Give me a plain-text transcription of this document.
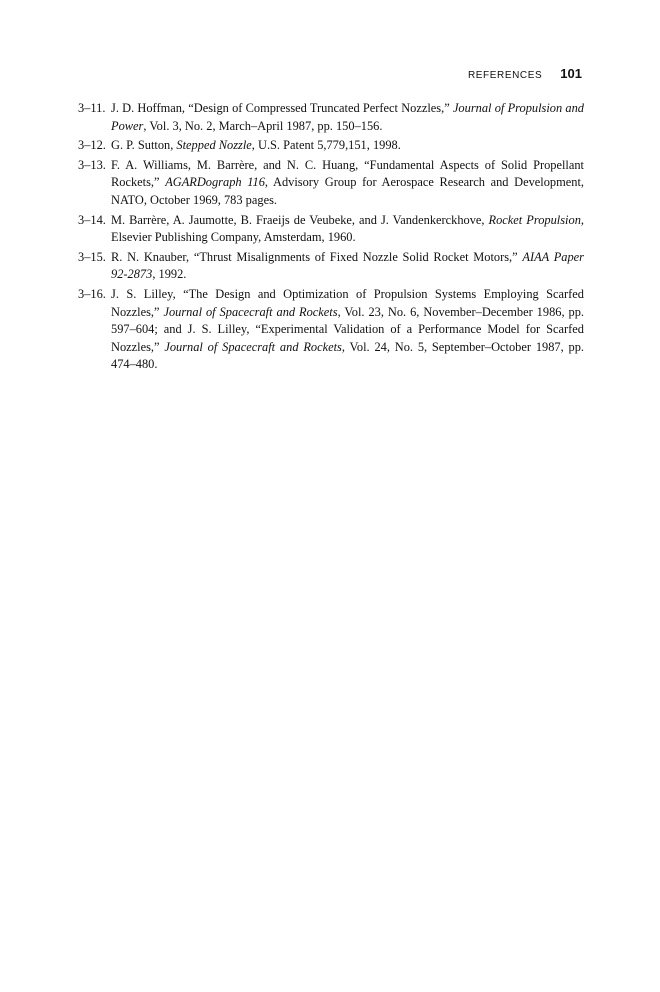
REFERENCES 101
3–11. J. D. Hoffman, “Design of Compressed Truncated Perfect Nozzles,” Journal of Propulsion and Power, Vol. 3, No. 2, March–April 1987, pp. 150–156.
3–12. G. P. Sutton, Stepped Nozzle, U.S. Patent 5,779,151, 1998.
3–13. F. A. Williams, M. Barrère, and N. C. Huang, “Fundamental Aspects of Solid Propellant Rockets,” AGARDograph 116, Advisory Group for Aerospace Research and Development, NATO, October 1969, 783 pages.
3–14. M. Barrère, A. Jaumotte, B. Fraeijs de Veubeke, and J. Vandenkerckhove, Rocket Propulsion, Elsevier Publishing Company, Amsterdam, 1960.
3–15. R. N. Knauber, “Thrust Misalignments of Fixed Nozzle Solid Rocket Motors,” AIAA Paper 92-2873, 1992.
3–16. J. S. Lilley, “The Design and Optimization of Propulsion Systems Employing Scarfed Nozzles,” Journal of Spacecraft and Rockets, Vol. 23, No. 6, November–December 1986, pp. 597–604; and J. S. Lilley, “Experimental Validation of a Performance Model for Scarfed Nozzles,” Journal of Spacecraft and Rockets, Vol. 24, No. 5, September–October 1987, pp. 474–480.
